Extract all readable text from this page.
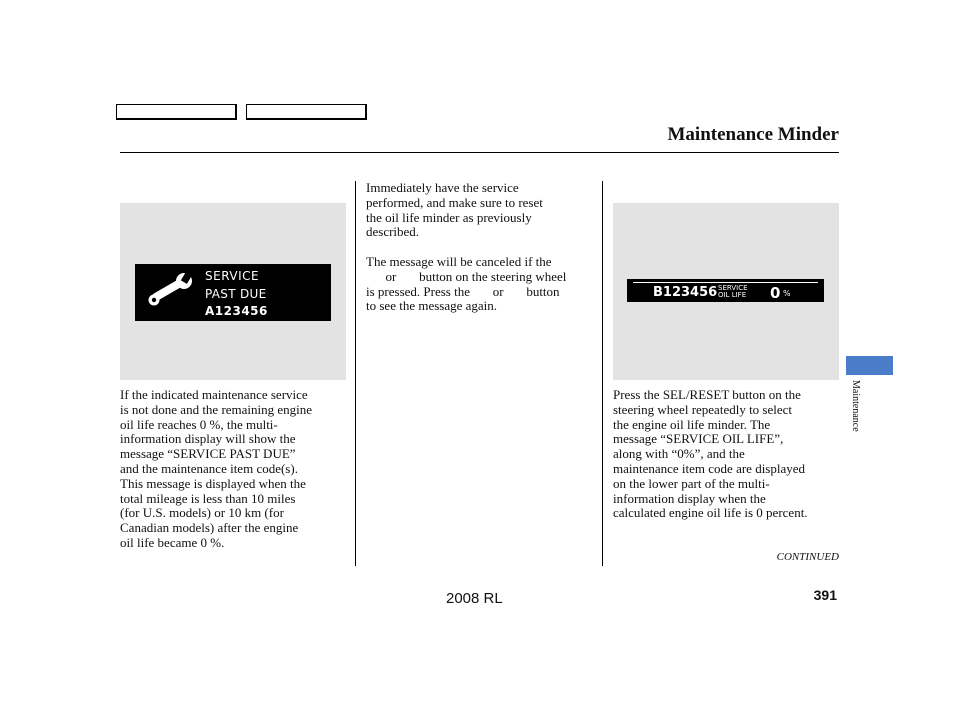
Maintenance Minder
SERVICE
PAST DUE
A123456
If the indicated maintenance service
is not done and the remaining engine
oil life reaches 0 %, the multi-
information display will show the
message “SERVICE PAST DUE”
and the maintenance item code(s).
This message is displayed when the
total mileage is less than 10 miles
(for U.S. models) or 10 km (for
Canadian models) after the engine
oil life became 0 %.
Immediately have the service
performed, and make sure to reset
the oil life minder as previously
described.
The message will be canceled if the
or       button on the steering wheel
is pressed. Press the       or       button
to see the message again.
B123456 SERVICE
OIL LIFE 0 %
Press the SEL/RESET button on the
steering wheel repeatedly to select
the engine oil life minder. The
message “SERVICE OIL LIFE”,
along with “0%”, and the
maintenance item code are displayed
on the lower part of the multi-
information display when the
calculated engine oil life is 0 percent.
Maintenance
CONTINUED
2008 RL	391
